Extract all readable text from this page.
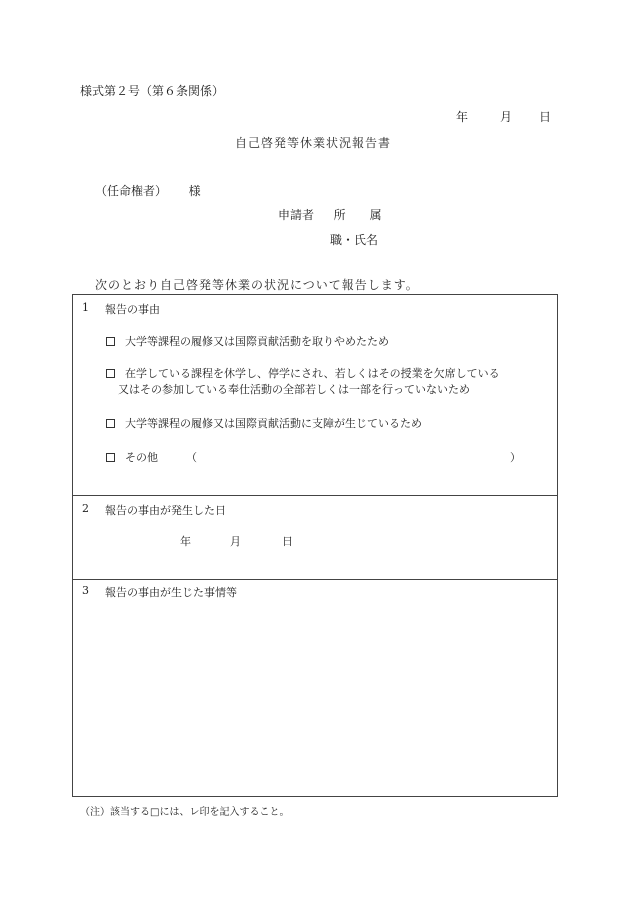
様式第２号（第６条関係）
年	月 日
自己啓発等休業状況報告書
（任命権者） 様
申請者 所　　属
職・氏名
次のとおり自己啓発等休業の状況について報告します。
1 報告の事由
大学等課程の履修又は国際貢献活動を取りやめたため
在学している課程を休学し、停学にされ、若しくはその授業を欠席している
又はその参加している奉仕活動の全部若しくは一部を行っていないため
大学等課程の履修又は国際貢献活動に支障が生じているため
その他	（	）
2 報告の事由が発生した日
年	月	日
3 報告の事由が生じた事情等
（注）該当する□には、レ印を記入すること。
